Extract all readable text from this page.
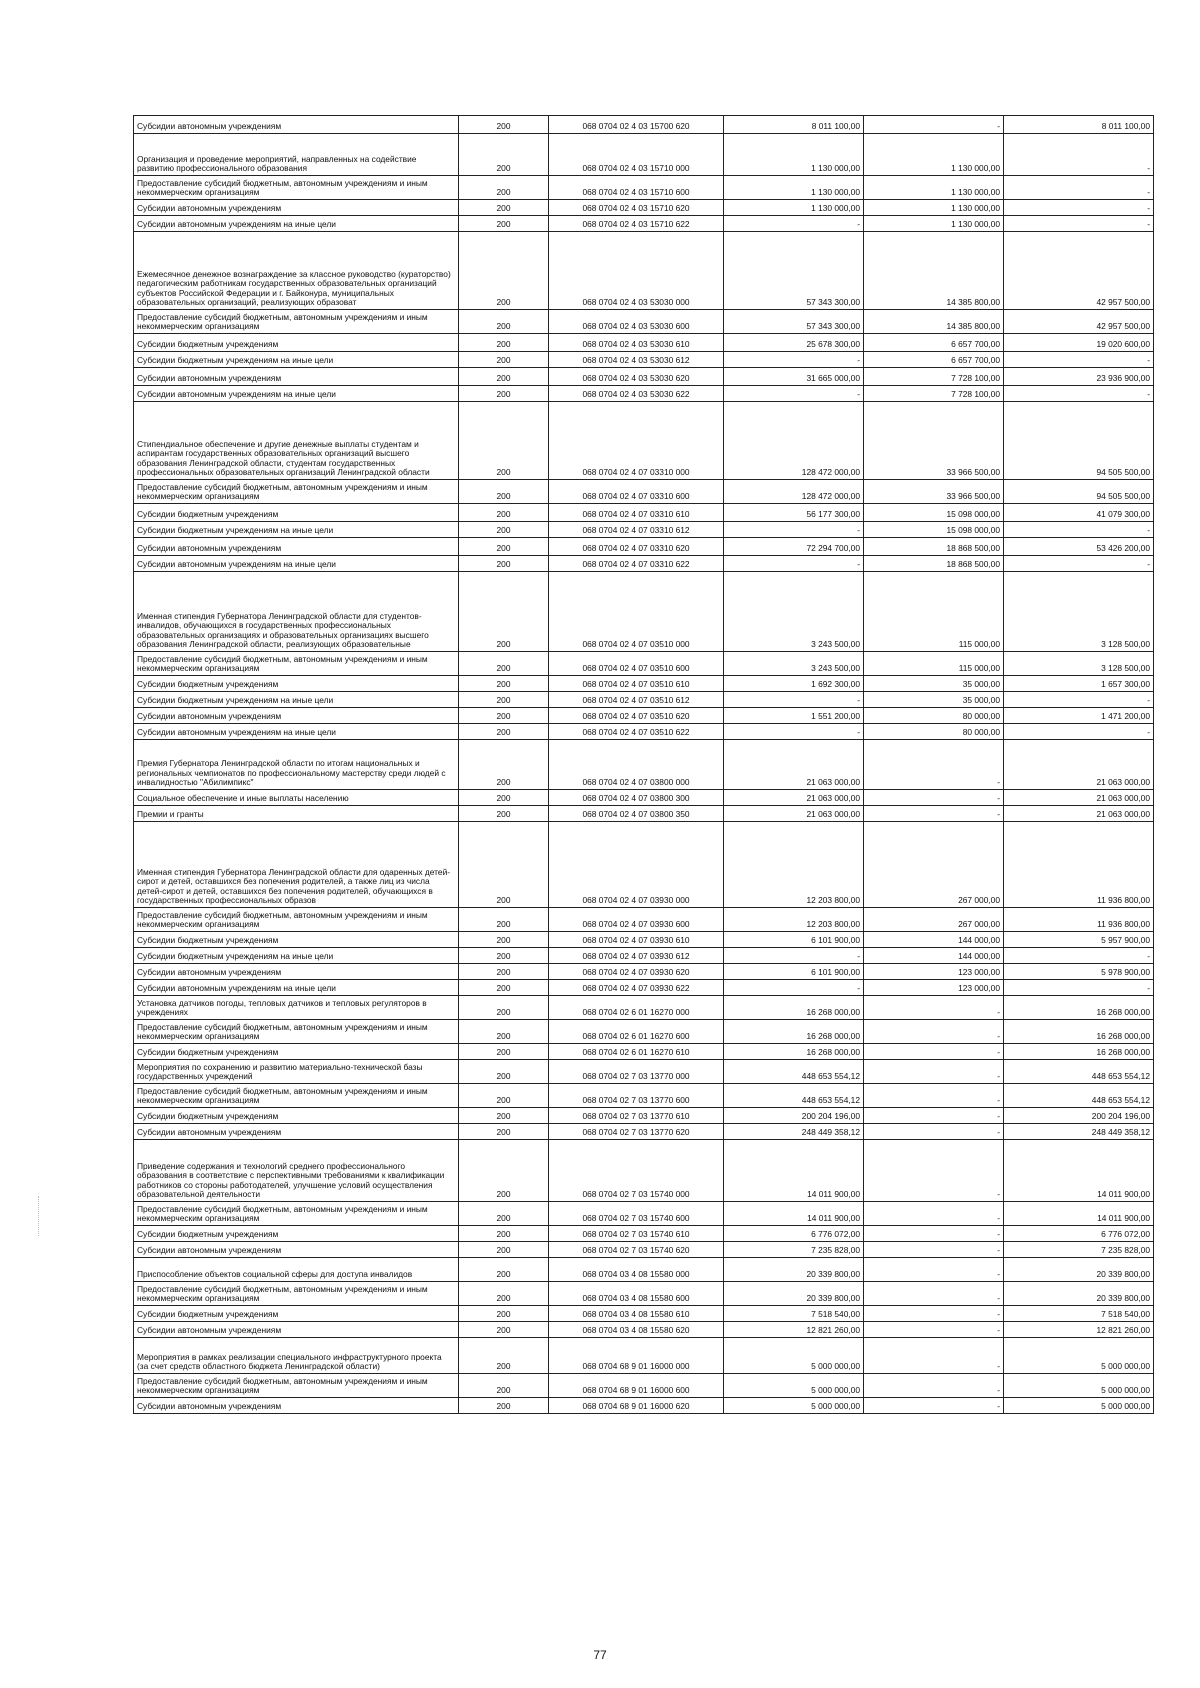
Субсидии автономным учреждениям	200	068 0704 02 4 03 15700 620	8 011 100,00	-	8 011 100,00
Организация и проведение мероприятий, направленных на содействие развитию профессионального образования	200	068 0704 02 4 03 15710 000	1 130 000,00	1 130 000,00	-
Предоставление субсидий бюджетным, автономным учреждениям и иным некоммерческим организациям	200	068 0704 02 4 03 15710 600	1 130 000,00	1 130 000,00	-
Субсидии автономным учреждениям	200	068 0704 02 4 03 15710 620	1 130 000,00	1 130 000,00	-
Субсидии автономным учреждениям на иные цели	200	068 0704 02 4 03 15710 622	-	1 130 000,00	-
Ежемесячное денежное вознаграждение за классное руководство (кураторство) педагогическим работникам государственных образовательных организаций субъектов Российской Федерации и г. Байконура, муниципальных образовательных организаций, реализующих образоват	200	068 0704 02 4 03 53030 000	57 343 300,00	14 385 800,00	42 957 500,00
Предоставление субсидий бюджетным, автономным учреждениям и иным некоммерческим организациям	200	068 0704 02 4 03 53030 600	57 343 300,00	14 385 800,00	42 957 500,00
Субсидии бюджетным учреждениям	200	068 0704 02 4 03 53030 610	25 678 300,00	6 657 700,00	19 020 600,00
Субсидии бюджетным учреждениям на иные цели	200	068 0704 02 4 03 53030 612	-	6 657 700,00	-
Субсидии автономным учреждениям	200	068 0704 02 4 03 53030 620	31 665 000,00	7 728 100,00	23 936 900,00
Субсидии автономным учреждениям на иные цели	200	068 0704 02 4 03 53030 622	-	7 728 100,00	-
Стипендиальное обеспечение и другие денежные выплаты студентам и аспирантам государственных образовательных организаций высшего образования Ленинградской области, студентам государственных профессиональных образовательных организаций Ленинградской области	200	068 0704 02 4 07 03310 000	128 472 000,00	33 966 500,00	94 505 500,00
Предоставление субсидий бюджетным, автономным учреждениям и иным некоммерческим организациям	200	068 0704 02 4 07 03310 600	128 472 000,00	33 966 500,00	94 505 500,00
Субсидии бюджетным учреждениям	200	068 0704 02 4 07 03310 610	56 177 300,00	15 098 000,00	41 079 300,00
Субсидии бюджетным учреждениям на иные цели	200	068 0704 02 4 07 03310 612	-	15 098 000,00	-
Субсидии автономным учреждениям	200	068 0704 02 4 07 03310 620	72 294 700,00	18 868 500,00	53 426 200,00
Субсидии автономным учреждениям на иные цели	200	068 0704 02 4 07 03310 622	-	18 868 500,00	-
Именная стипендия Губернатора Ленинградской области для студентов-инвалидов, обучающихся в государственных профессиональных образовательных организациях и образовательных организациях высшего образования Ленинградской области, реализующих образовательные	200	068 0704 02 4 07 03510 000	3 243 500,00	115 000,00	3 128 500,00
Предоставление субсидий бюджетным, автономным учреждениям и иным некоммерческим организациям	200	068 0704 02 4 07 03510 600	3 243 500,00	115 000,00	3 128 500,00
Субсидии бюджетным учреждениям	200	068 0704 02 4 07 03510 610	1 692 300,00	35 000,00	1 657 300,00
Субсидии бюджетным учреждениям на иные цели	200	068 0704 02 4 07 03510 612	-	35 000,00	-
Субсидии автономным учреждениям	200	068 0704 02 4 07 03510 620	1 551 200,00	80 000,00	1 471 200,00
Субсидии автономным учреждениям на иные цели	200	068 0704 02 4 07 03510 622	-	80 000,00	-
Премия Губернатора Ленинградской области по итогам национальных и региональных чемпионатов по профессиональному мастерству среди людей с инвалидностью "Абилимпикс"	200	068 0704 02 4 07 03800 000	21 063 000,00	-	21 063 000,00
Социальное обеспечение и иные выплаты населению	200	068 0704 02 4 07 03800 300	21 063 000,00	-	21 063 000,00
Премии и гранты	200	068 0704 02 4 07 03800 350	21 063 000,00	-	21 063 000,00
Именная стипендия Губернатора Ленинградской области для одаренных детей-сирот и детей, оставшихся без попечения родителей, а также лиц из числа детей-сирот и детей, оставшихся без попечения родителей, обучающихся в государственных профессиональных образов	200	068 0704 02 4 07 03930 000	12 203 800,00	267 000,00	11 936 800,00
Предоставление субсидий бюджетным, автономным учреждениям и иным некоммерческим организациям	200	068 0704 02 4 07 03930 600	12 203 800,00	267 000,00	11 936 800,00
Субсидии бюджетным учреждениям	200	068 0704 02 4 07 03930 610	6 101 900,00	144 000,00	5 957 900,00
Субсидии бюджетным учреждениям на иные цели	200	068 0704 02 4 07 03930 612	-	144 000,00	-
Субсидии автономным учреждениям	200	068 0704 02 4 07 03930 620	6 101 900,00	123 000,00	5 978 900,00
Субсидии автономным учреждениям на иные цели	200	068 0704 02 4 07 03930 622	-	123 000,00	-
Установка датчиков погоды, тепловых датчиков и тепловых регуляторов в учреждениях	200	068 0704 02 6 01 16270 000	16 268 000,00	-	16 268 000,00
Предоставление субсидий бюджетным, автономным учреждениям и иным некоммерческим организациям	200	068 0704 02 6 01 16270 600	16 268 000,00	-	16 268 000,00
Субсидии бюджетным учреждениям	200	068 0704 02 6 01 16270 610	16 268 000,00	-	16 268 000,00
Мероприятия по сохранению и развитию материально-технической базы государственных учреждений	200	068 0704 02 7 03 13770 000	448 653 554,12	-	448 653 554,12
Предоставление субсидий бюджетным, автономным учреждениям и иным некоммерческим организациям	200	068 0704 02 7 03 13770 600	448 653 554,12	-	448 653 554,12
Субсидии бюджетным учреждениям	200	068 0704 02 7 03 13770 610	200 204 196,00	-	200 204 196,00
Субсидии автономным учреждениям	200	068 0704 02 7 03 13770 620	248 449 358,12	-	248 449 358,12
Приведение содержания и технологий среднего профессионального образования в соответствие с перспективными требованиями к квалификации работников со стороны работодателей, улучшение условий осуществления образовательной деятельности	200	068 0704 02 7 03 15740 000	14 011 900,00	-	14 011 900,00
Предоставление субсидий бюджетным, автономным учреждениям и иным некоммерческим организациям	200	068 0704 02 7 03 15740 600	14 011 900,00	-	14 011 900,00
Субсидии бюджетным учреждениям	200	068 0704 02 7 03 15740 610	6 776 072,00	-	6 776 072,00
Субсидии автономным учреждениям	200	068 0704 02 7 03 15740 620	7 235 828,00	-	7 235 828,00
Приспособление объектов социальной сферы для доступа инвалидов	200	068 0704 03 4 08 15580 000	20 339 800,00	-	20 339 800,00
Предоставление субсидий бюджетным, автономным учреждениям и иным некоммерческим организациям	200	068 0704 03 4 08 15580 600	20 339 800,00	-	20 339 800,00
Субсидии бюджетным учреждениям	200	068 0704 03 4 08 15580 610	7 518 540,00	-	7 518 540,00
Субсидии автономным учреждениям	200	068 0704 03 4 08 15580 620	12 821 260,00	-	12 821 260,00
Мероприятия в рамках реализации специального инфраструктурного проекта (за счет средств областного бюджета Ленинградской области)	200	068 0704 68 9 01 16000 000	5 000 000,00	-	5 000 000,00
Предоставление субсидий бюджетным, автономным учреждениям и иным некоммерческим организациям	200	068 0704 68 9 01 16000 600	5 000 000,00	-	5 000 000,00
Субсидии автономным учреждениям	200	068 0704 68 9 01 16000 620	5 000 000,00	-	5 000 000,00
77
